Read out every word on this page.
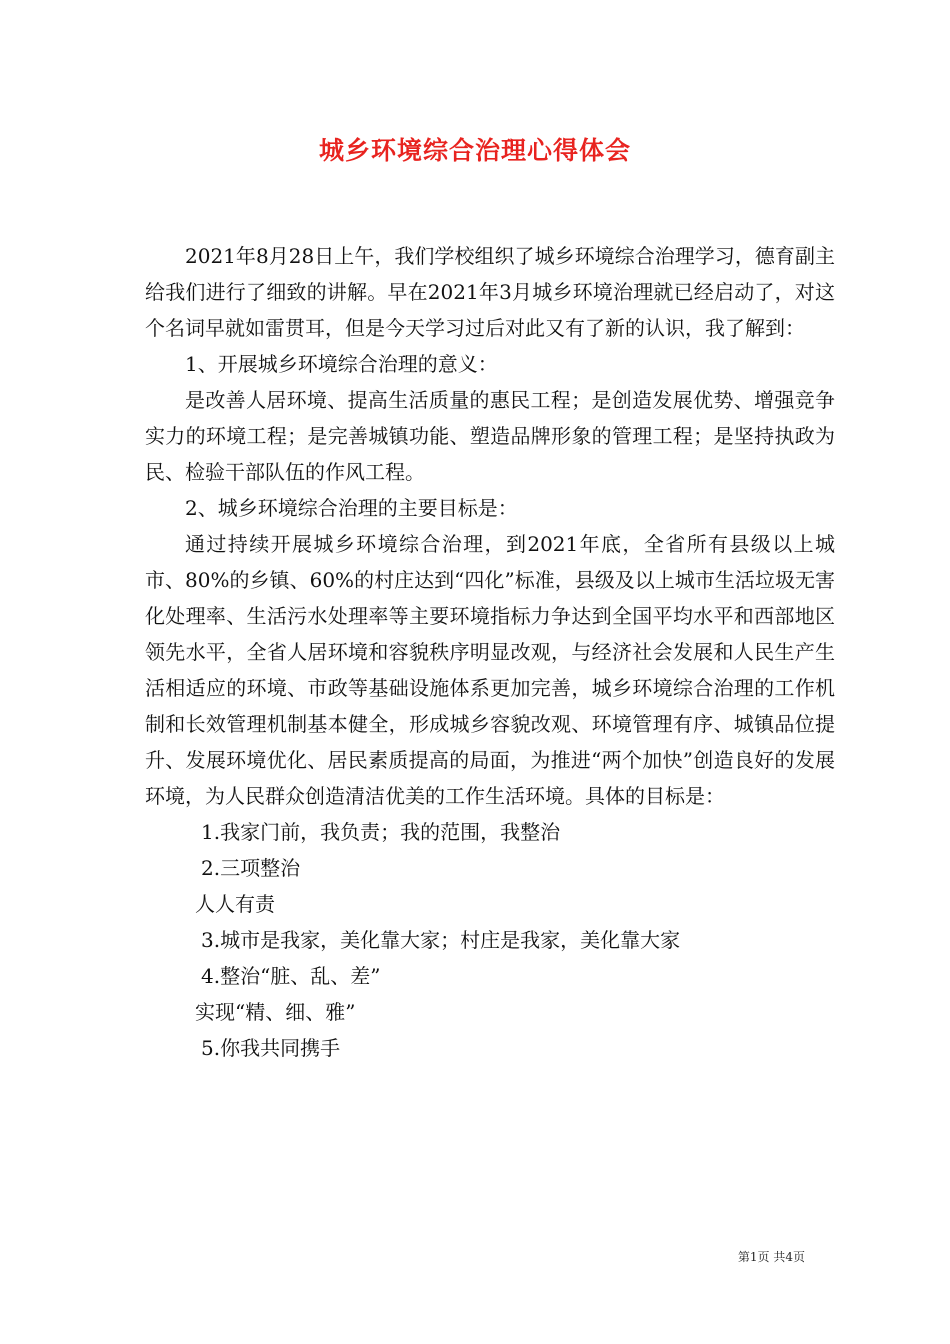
城乡环境综合治理心得体会

2021年8月28日上午，我们学校组织了城乡环境综合治理学习，德育副主给我们进行了细致的讲解。早在2021年3月城乡环境治理就已经启动了，对这个名词早就如雷贯耳，但是今天学习过后对此又有了新的认识，我了解到：

1、开展城乡环境综合治理的意义：

是改善人居环境、提高生活质量的惠民工程；是创造发展优势、增强竞争实力的环境工程；是完善城镇功能、塑造品牌形象的管理工程；是坚持执政为民、检验干部队伍的作风工程。

2、城乡环境综合治理的主要目标是：

通过持续开展城乡环境综合治理，到2021年底，全省所有县级以上城市、80%的乡镇、60%的村庄达到“四化”标准，县级及以上城市生活垃圾无害化处理率、生活污水处理率等主要环境指标力争达到全国平均水平和西部地区领先水平，全省人居环境和容貌秩序明显改观，与经济社会发展和人民生产生活相适应的环境、市政等基础设施体系更加完善，城乡环境综合治理的工作机制和长效管理机制基本健全，形成城乡容貌改观、环境管理有序、城镇品位提升、发展环境优化、居民素质提高的局面，为推进“两个加快”创造良好的发展环境，为人民群众创造清洁优美的工作生活环境。具体的目标是：

1.我家门前，我负责；我的范围，我整治

2.三项整治

人人有责

3.城市是我家，美化靠大家；村庄是我家，美化靠大家

4.整治“脏、乱、差”

实现“精、细、雅”

5.你我共同携手

第1页 共4页
